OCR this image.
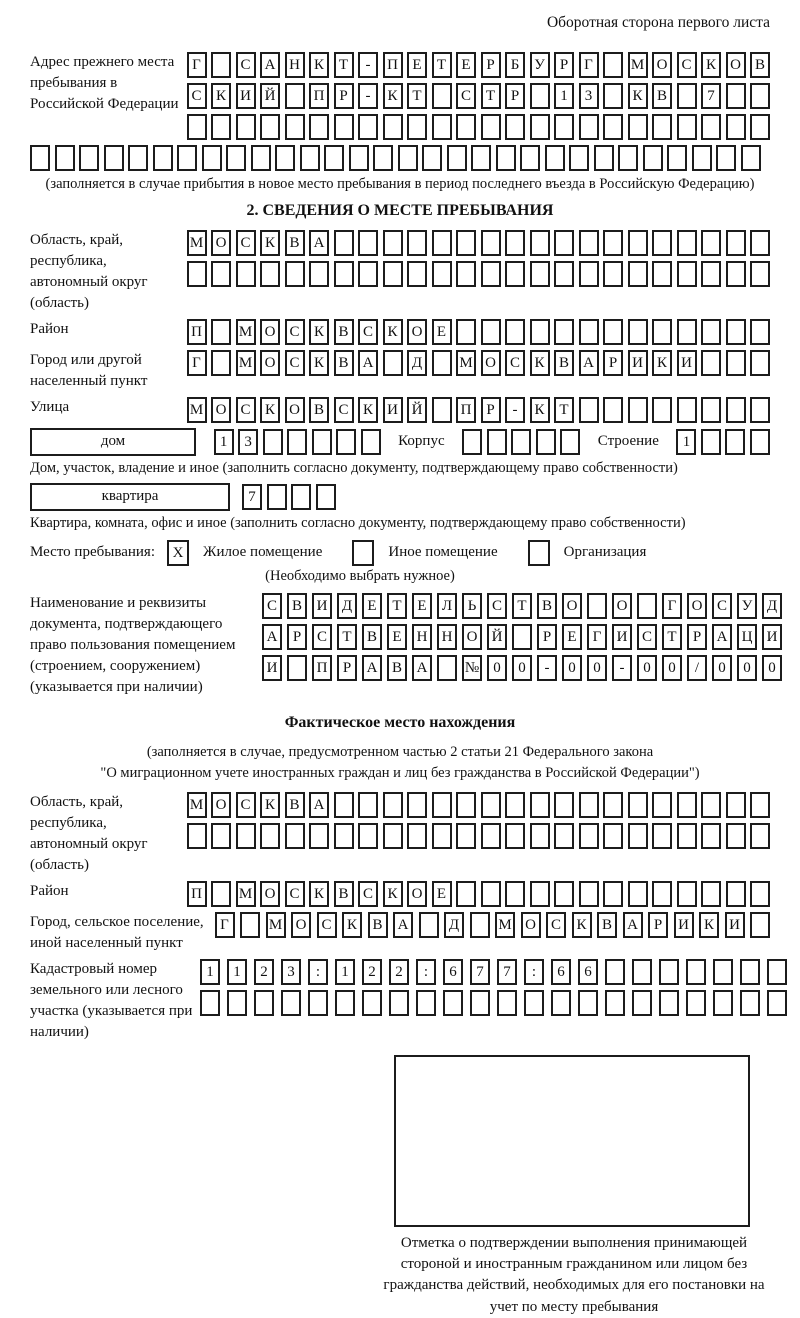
Оборотная сторона первого листа
Адрес прежнего места пребывания в Российской Федерации
Г	С А Н К Т	-	П Е	Т	Е	Р	Б У	Р	Г	М О С К О В
С К И Й	П Р	-	К Т	С Т	Р	1	3	К В	7
(заполняется в случае прибытия в новое место пребывания в период последнего въезда в Российскую Федерацию)
2. СВЕДЕНИЯ О МЕСТЕ ПРЕБЫВАНИЯ
Область, край, республика, автономный округ (область)
М О С К В А
Район	П	М О С К В С К О Е
Город или другой населенный пункт
Г	М О С К В А	Д	М О С К В А Р И К И
Улица	М О С К О В С К И Й	П Р	-	К Т
дом	1	3	Корпус	Строение	1
Дом, участок, владение и иное (заполнить согласно документу, подтверждающему право собственности)
квартира	7
Квартира, комната, офис и иное (заполнить согласно документу, подтверждающему право собственности)
Место пребывания:	X	Жилое помещение	Иное помещение	Организация
(Необходимо выбрать нужное)
Наименование и реквизиты документа, подтверждающего право пользования помещением (строением, сооружением) (указывается при наличии)
С В И Д	Е	Т	Е	Л	Ь	С	Т	В О	О	Г	О С У Д
А	Р	С	Т	В	Е	Н Н О Й	Р	Е	Г	И С	Т	Р	А Ц И
И	П	Р	А В А	№ 0	0	-	0	0	-	0	0	/	0	0	0
Фактическое место нахождения
(заполняется в случае, предусмотренном частью 2 статьи 21 Федерального закона
"О миграционном учете иностранных граждан и лиц без гражданства в Российской Федерации")
Область, край, республика, автономный округ (область)
М О С К В А
Район	П	М О С К В С К О Е
Город, сельское поселение, иной населенный пункт
Г	М О	С	К	В	А	Д	М О	С	К	В	А	Р	И	К	И
Кадастровый номер земельного или лесного участка (указывается при наличии)
1	1	2	3	:	1	2	2	:	6	7	7	:	6	6
Отметка о подтверждении выполнения принимающей стороной и иностранным гражданином или лицом без гражданства действий, необходимых для его постановки на учет по месту пребывания
